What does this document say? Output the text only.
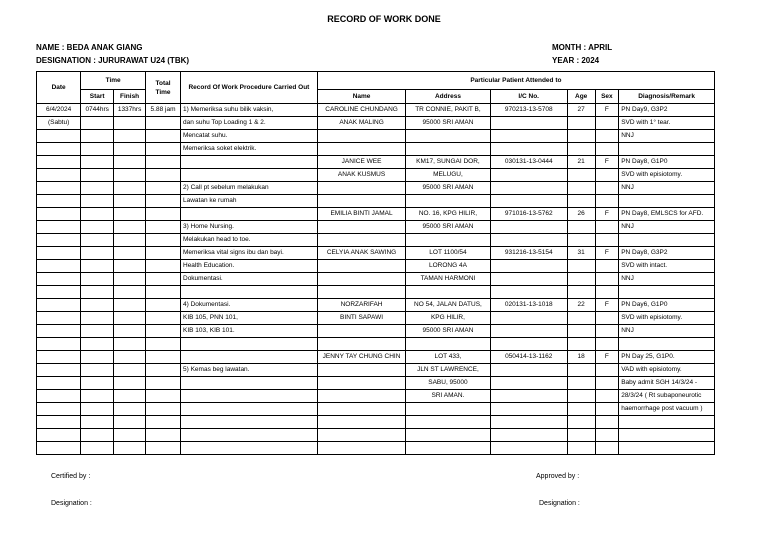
RECORD OF WORK DONE
NAME : BEDA ANAK GIANG
DESIGNATION : JURURAWAT U24 (TBK)
MONTH : APRIL
YEAR : 2024
Date	Time		Total Time	Record Of Work Procedure Carried Out	Particular Patient Attended to					
	Start	Finish			Name	Address	I/C No.	Age	Sex	Diagnosis/Remark
6/4/2024	0744hrs	1337hrs	5.88 jam	1) Memeriksa suhu bilik vaksin,	CAROLINE CHUNDANG	TR CONNIE, PAKIT B,	970213-13-5708	27	F	PN Day9, G3P2
(Sabtu)				dan suhu Top Loading 1 & 2.	ANAK MALING	95000 SRI AMAN				SVD with 1° tear.
				Mencatat suhu.						NNJ
				Memeriksa soket elektrik.						
					JANICE WEE	KM17, SUNGAI DOR,	030131-13-0444	21	F	PN Day8, G1P0
					ANAK KUSMUS	MELUGU,				SVD with episiotomy.
				2) Call pt sebelum melakukan		95000 SRI AMAN				NNJ
				Lawatan ke rumah						
					EMILIA BINTI JAMAL	NO. 16, KPG HILIR,	971016-13-5762	26	F	PN Day8, EMLSCS for AFD.
				3) Home Nursing.		95000 SRI AMAN				NNJ
				Melakukan head to toe.						
				Memeriksa vital signs ibu dan bayi.	CELYIA ANAK SAWING	LOT 1100/54	931216-13-5154	31	F	PN Day8, G3P2
				Health Education.		LORONG 4A				SVD with intact.
				Dokumentasi.		TAMAN HARMONI				NNJ

				4) Dokumentasi.	NORZARIFAH	NO 54, JALAN DATUS,	020131-13-1018	22	F	PN Day6, G1P0
				KIB 105, PNN 101,	BINTI SAPAWI	KPG HILIR,				SVD with episiotomy.
				KIB 103, KIB 101.		95000 SRI AMAN				NNJ

					JENNY TAY CHUNG CHIN	LOT 433,	050414-13-1162	18	F	PN Day 25, G1P0.
				5) Kemas beg lawatan.		JLN ST LAWRENCE,				VAD with episiotomy.
						SABU, 95000				Baby admit SGH 14/3/24 -
						SRI AMAN.				28/3/24 ( Rt subaponeurotic
										haemorrhage post vacuum )

Certified by :
Designation :
Approved by :
Designation :
